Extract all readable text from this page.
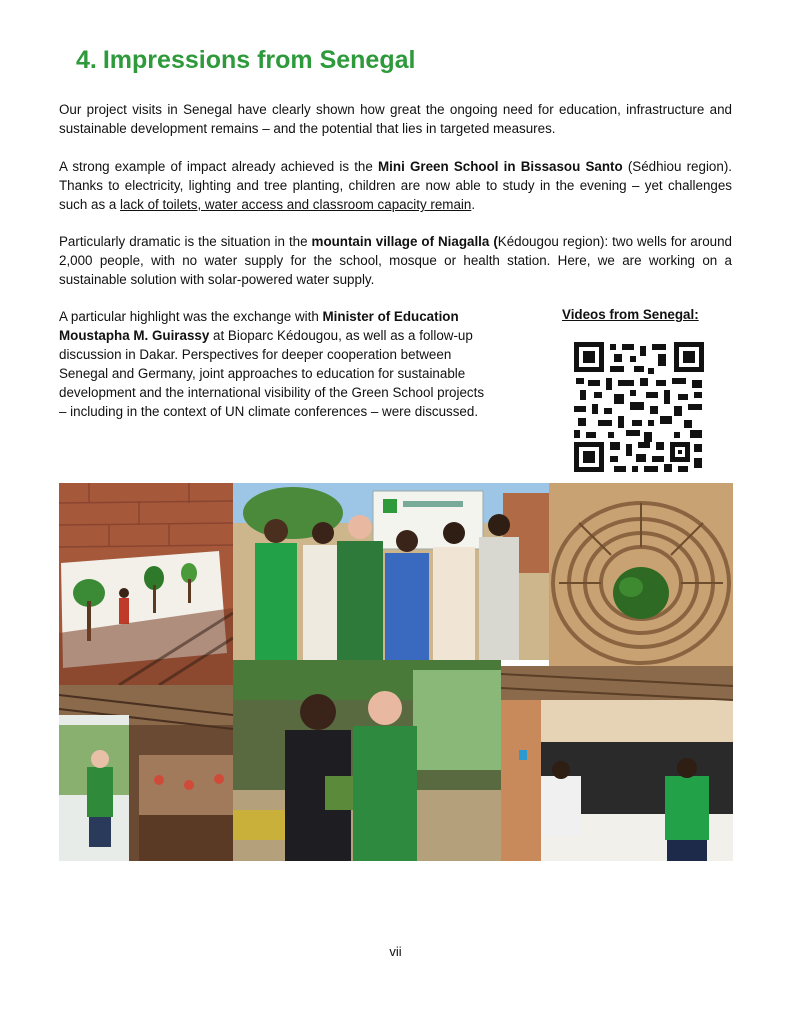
4. Impressions from Senegal

Our project visits in Senegal have clearly shown how great the ongoing need for education, infrastructure and sustainable development remains – and the potential that lies in targeted measures.

A strong example of impact already achieved is the Mini Green School in Bissasou Santo (Sédhiou region). Thanks to electricity, lighting and tree planting, children are now able to study in the evening – yet challenges such as a lack of toilets, water access and classroom capacity remain.

Particularly dramatic is the situation in the mountain village of Niagalla (Kédougou region): two wells for around 2,000 people, with no water supply for the school, mosque or health station. Here, we are working on a sustainable solution with solar-powered water supply.

A particular highlight was the exchange with Minister of Education Moustapha M. Guirassy at Bioparc Kédougou, as well as a follow-up discussion in Dakar. Perspectives for deeper cooperation between Senegal and Germany, joint approaches to education for sustainable development and the international visibility of the Green School projects – including in the context of UN climate conferences – were discussed.

Videos from Senegal:
vii
